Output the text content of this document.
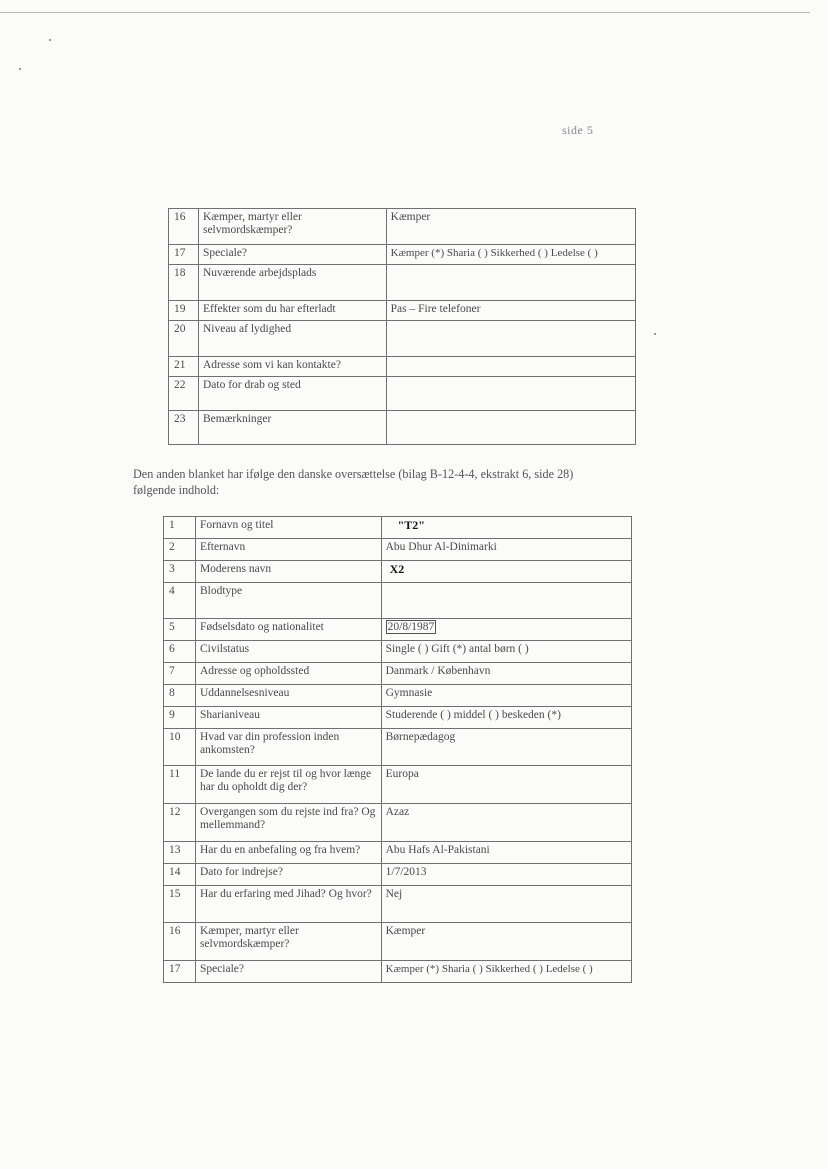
side 5
16	Kæmper, martyr eller selvmordskæmper?	Kæmper
17	Speciale?	Kæmper (*) Sharia ( ) Sikkerhed ( ) Ledelse ( )
18	Nuværende arbejdsplads	
19	Effekter som du har efterladt	Pas – Fire telefoner
20	Niveau af lydighed	
21	Adresse som vi kan kontakte?	
22	Dato for drab og sted	
23	Bemærkninger	
Den anden blanket har ifølge den danske oversættelse (bilag B-12-4-4, ekstrakt 6, side 28) følgende indhold:
1	Fornavn og titel	"T2"
2	Efternavn	Abu Dhur Al-Dinimarki
3	Moderens navn	X2
4	Blodtype	
5	Fødselsdato og nationalitet	20/8/1987
6	Civilstatus	Single ( ) Gift (*) antal børn ( )
7	Adresse og opholdssted	Danmark / København
8	Uddannelsesniveau	Gymnasie
9	Sharianiveau	Studerende ( ) middel ( ) beskeden (*)
10	Hvad var din profession inden ankomsten?	Børnepædagog
11	De lande du er rejst til og hvor længe har du opholdt dig der?	Europa
12	Overgangen som du rejste ind fra? Og mellemmand?	Azaz
13	Har du en anbefaling og fra hvem?	Abu Hafs Al-Pakistani
14	Dato for indrejse?	1/7/2013
15	Har du erfaring med Jihad? Og hvor?	Nej
16	Kæmper, martyr eller selvmordskæmper?	Kæmper
17	Speciale?	Kæmper (*) Sharia ( ) Sikkerhed ( ) Ledelse ( )
